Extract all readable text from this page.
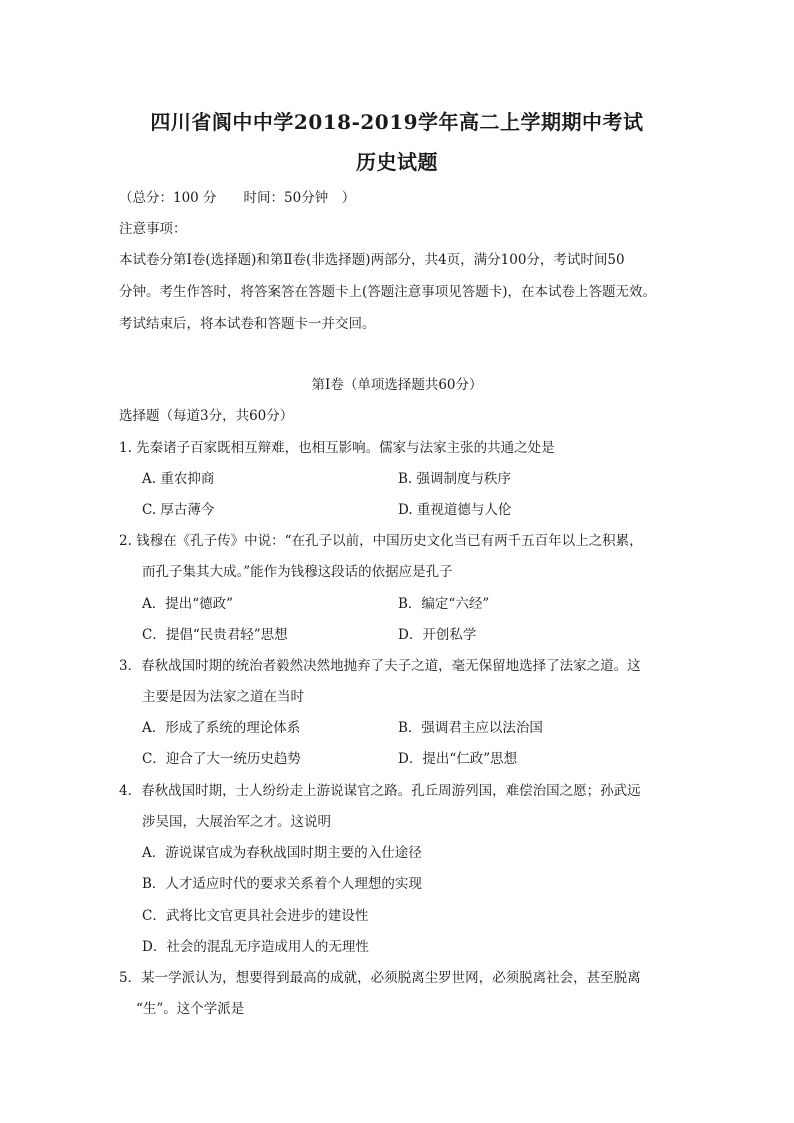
四川省阆中中学2018-2019学年高二上学期期中考试
历史试题
（总分：100 分　　时间：50分钟　）
注意事项：
本试卷分第Ⅰ卷(选择题)和第Ⅱ卷(非选择题)两部分，共4页，满分100分，考试时间50
分钟。考生作答时，将答案答在答题卡上(答题注意事项见答题卡)，在本试卷上答题无效。
考试结束后，将本试卷和答题卡一并交回。
第Ⅰ卷（单项选择题共60分）
选择题（每道3分，共60分）
1. 先秦诸子百家既相互辩难，也相互影响。儒家与法家主张的共通之处是
A. 重农抑商	B. 强调制度与秩序
C. 厚古薄今	D. 重视道德与人伦
2. 钱穆在《孔子传》中说：“在孔子以前，中国历史文化当已有两千五百年以上之积累，
而孔子集其大成。”能作为钱穆这段话的依据应是孔子
A．提出“德政”	B．编定“六经”
C．提倡“民贵君轻”思想	D．开创私学
3．春秋战国时期的统治者毅然决然地抛弃了夫子之道，毫无保留地选择了法家之道。这
主要是因为法家之道在当时
A．形成了系统的理论体系	B．强调君主应以法治国
C．迎合了大一统历史趋势	D．提出“仁政”思想
4．春秋战国时期，士人纷纷走上游说谋官之路。孔丘周游列国，难偿治国之愿；孙武远
涉吴国，大展治军之才。这说明
A．游说谋官成为春秋战国时期主要的入仕途径
B．人才适应时代的要求关系着个人理想的实现
C．武将比文官更具社会进步的建设性
D．社会的混乱无序造成用人的无理性
5．某一学派认为，想要得到最高的成就，必须脱离尘罗世网，必须脱离社会，甚至脱离
“生”。这个学派是
